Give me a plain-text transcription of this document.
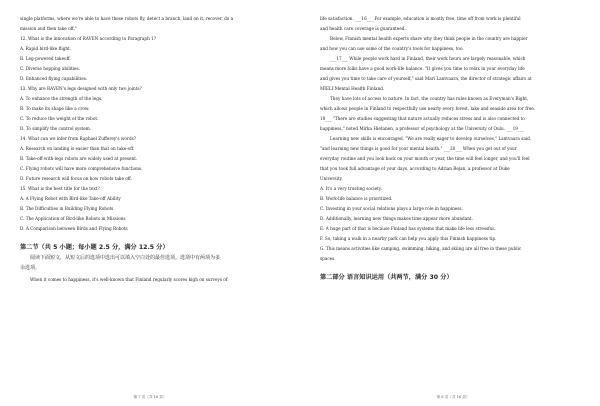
single platforms, where we're able to have these robots fly, detect a branch, land on it, recover, do a
mission and then take off."
12. What is the innovation of RAVEN according to Paragraph 1?
A. Rapid bird-like flight.
B. Leg-powered takeoff.
C. Diverse hopping abilities.
D. Enhanced flying capabilities.
13. Why are RAVEN's legs designed with only two joints?
A. To enhance the strength of the legs.
B. To make its shape like a crow.
C. To reduce the weight of the robot.
D. To simplify the control system.
14. What can we infer from Raphael Zufferey's words?
A. Research on landing is easier than that on take-off.
B. Take-off-with-legs robots are widely used at present.
C. Flying robots will have more comprehensive functions.
D. Future research will focus on how robots take off.
15. What is the best title for the text?
A. A Flying Robot with Bird-like Take-off Ability
B. The Difficulties in Building Flying Robots
C. The Application of Bird-like Robots in Missions
D. A Comparison between Birds and Flying Robots
第二节（共 5 小题；每小题 2.5 分，满分 12.5 分）
阅读下面短文，从短文后的选项中选出可以填入空白处的最佳选项。选项中有两项为多
余选项。
When it comes to happiness, it's well-known that Finland regularly scores high on surveys of
第 7 页（共 16 页）
life satisfaction. ___16___ For example, education is mostly free, time off from work is plentiful
and health care coverage is guaranteed.
Below, Finnish mental health experts share why they think people in the country are happier
and how you can use some of the country's tools for happiness, too.
___17___ While people work hard in Finland, their work hours are largely reasonable, which
means more folks have a good work-life balance. "It gives you time to relax in your everyday life
and gives you time to take care of yourself," said Mari Lantvaara, the director of strategic affairs at
MIELI Mental Health Finland.
They have lots of access to nature. In fact, the country has rules known as Everyman's Right,
which allows people in Finland to respectfully use nearly every forest, lake and seaside area for free.
18___ "There are studies suggesting that nature actually reduces stress and is also connected to
happiness," noted Mirka Hietanen, a professor of psychology at the University of Oulu. ___19___
Learning new skills is encouraged. "We are really eager to develop ourselves," Lantvaara said,
"and learning new things is good for your mental health." ___20___ When you get out of your
everyday routine and you look back on your month or year, the time will feel longer, and you'll feel
that you took full advantage of your days, according to Adrian Bejan, a professor at Duke
University.
A. It's a very trusting society.
B. Work-life balance is prioritized.
C. Investing in your social relations plays a large role in happiness.
D. Additionally, learning new things makes time appear more abundant.
E. A huge part of that is because Finland has systems that make life less stressful.
F. So, taking a walk in a nearby park can help you apply this Finnish happiness tip.
G. This means activities like camping, swimming, hiking, and skiing are all free in these public
spaces.
第二部分 语言知识运用（共两节，满分 30 分）
第 8 页（共 16 页）
